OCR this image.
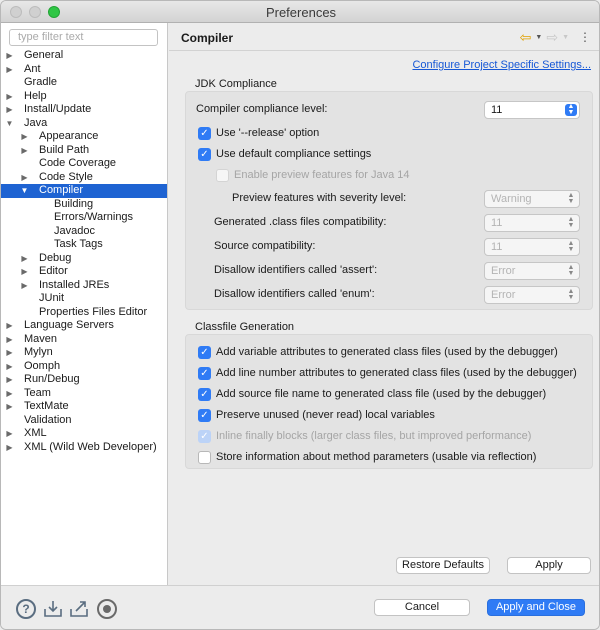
Preferences
type filter text
▶ General
▶ Ant
Gradle
▶ Help
▶ Install/Update
▼ Java
▶ Appearance
▶ Build Path
Code Coverage
▶ Code Style
▼ Compiler
Building
Errors/Warnings
Javadoc
Task Tags
▶ Debug
▶ Editor
▶ Installed JREs
JUnit
Properties Files Editor
▶ Language Servers
▶ Maven
▶ Mylyn
▶ Oomph
▶ Run/Debug
▶ Team
▶ TextMate
Validation
▶ XML
▶ XML (Wild Web Developer)
Compiler	⇦ ▼ ⇨ ▼ ⋮
Configure Project Specific Settings...
JDK Compliance
Compiler compliance level:	11	▲
▼
✓ Use '--release' option
✓ Use default compliance settings
Enable preview features for Java 14
Preview features with severity level:	Warning	▲
▼
Generated .class files compatibility:	11	▲
▼
Source compatibility:	11	▲
▼
Disallow identifiers called 'assert':	Error	▲
▼
Disallow identifiers called 'enum':	Error	▲
▼
Classfile Generation
✓ Add variable attributes to generated class files (used by the debugger)
✓ Add line number attributes to generated class files (used by the debugger)
✓ Add source file name to generated class file (used by the debugger)
✓ Preserve unused (never read) local variables
✓ Inline finally blocks (larger class files, but improved performance)
Store information about method parameters (usable via reflection)
Restore Defaults	Apply
?	Cancel	Apply and Close
